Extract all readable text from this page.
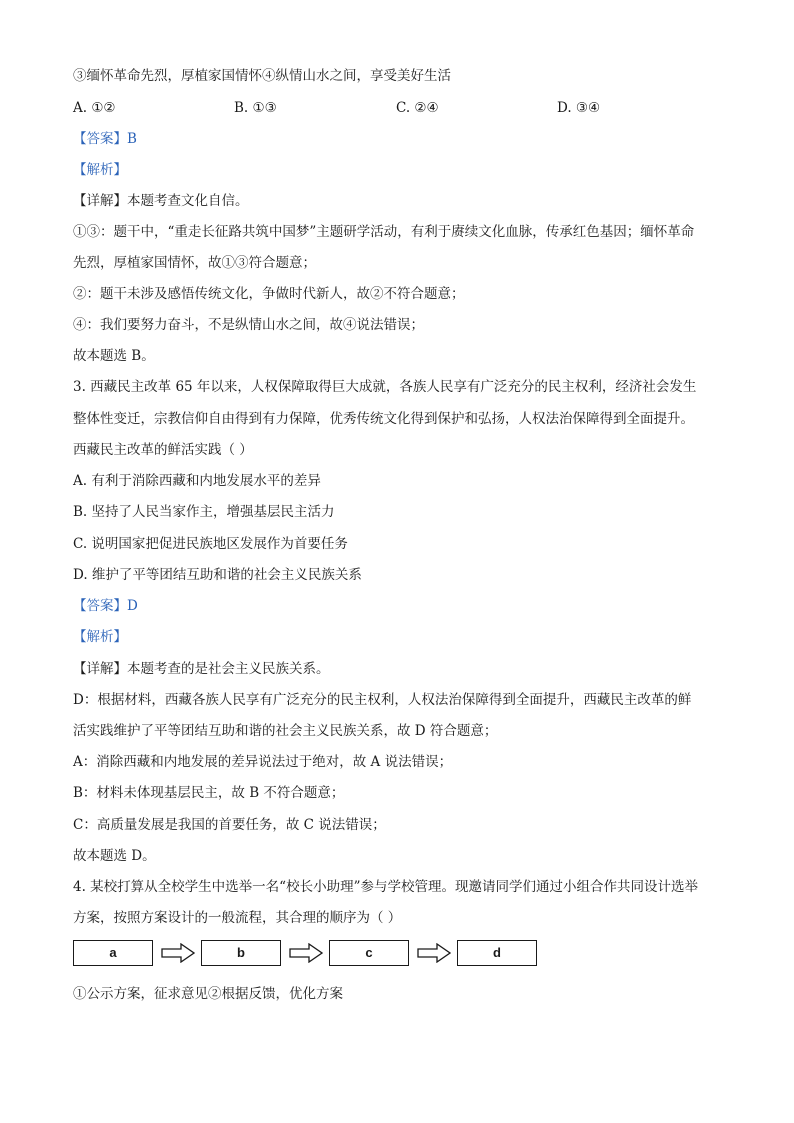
③缅怀革命先烈，厚植家国情怀④纵情山水之间，享受美好生活
A. ①②	B. ①③	C. ②④	D. ③④
【答案】B
【解析】
【详解】本题考查文化自信。
①③：题干中，“重走长征路共筑中国梦”主题研学活动，有利于赓续文化血脉，传承红色基因；缅怀革命
先烈，厚植家国情怀，故①③符合题意；
②：题干未涉及感悟传统文化，争做时代新人，故②不符合题意；
④：我们要努力奋斗，不是纵情山水之间，故④说法错误；
故本题选 B。
3. 西藏民主改革 65 年以来，人权保障取得巨大成就，各族人民享有广泛充分的民主权利，经济社会发生
整体性变迁，宗教信仰自由得到有力保障，优秀传统文化得到保护和弘扬，人权法治保障得到全面提升。
西藏民主改革的鲜活实践（ ）
A. 有利于消除西藏和内地发展水平的差异
B. 坚持了人民当家作主，增强基层民主活力
C. 说明国家把促进民族地区发展作为首要任务
D. 维护了平等团结互助和谐的社会主义民族关系
【答案】D
【解析】
【详解】本题考查的是社会主义民族关系。
D：根据材料，西藏各族人民享有广泛充分的民主权利，人权法治保障得到全面提升，西藏民主改革的鲜
活实践维护了平等团结互助和谐的社会主义民族关系，故 D 符合题意；
A：消除西藏和内地发展的差异说法过于绝对，故 A 说法错误；
B：材料未体现基层民主，故 B 不符合题意；
C：高质量发展是我国的首要任务，故 C 说法错误；
故本题选 D。
4. 某校打算从全校学生中选举一名“校长小助理”参与学校管理。现邀请同学们通过小组合作共同设计选举
方案，按照方案设计的一般流程，其合理的顺序为（ ）
a	b	c	d
①公示方案，征求意见②根据反馈，优化方案
